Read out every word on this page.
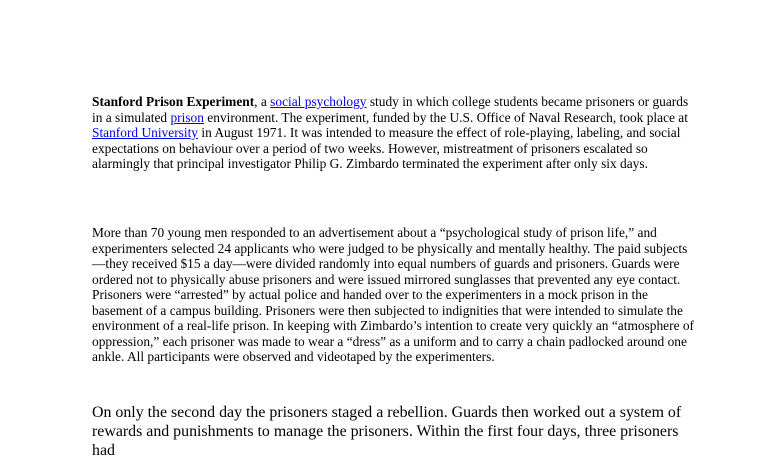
Stanford Prison Experiment, a social psychology study in which college students became prisoners or guards in a simulated prison environment. The experiment, funded by the U.S. Office of Naval Research, took place at Stanford University in August 1971. It was intended to measure the effect of role-playing, labeling, and social expectations on behaviour over a period of two weeks. However, mistreatment of prisoners escalated so alarmingly that principal investigator Philip G. Zimbardo terminated the experiment after only six days.

More than 70 young men responded to an advertisement about a “psychological study of prison life,” and experimenters selected 24 applicants who were judged to be physically and mentally healthy. The paid subjects—they received $15 a day—were divided randomly into equal numbers of guards and prisoners. Guards were ordered not to physically abuse prisoners and were issued mirrored sunglasses that prevented any eye contact. Prisoners were “arrested” by actual police and handed over to the experimenters in a mock prison in the basement of a campus building. Prisoners were then subjected to indignities that were intended to simulate the environment of a real-life prison. In keeping with Zimbardo’s intention to create very quickly an “atmosphere of oppression,” each prisoner was made to wear a “dress” as a uniform and to carry a chain padlocked around one ankle. All participants were observed and videotaped by the experimenters.

On only the second day the prisoners staged a rebellion. Guards then worked out a system of rewards and punishments to manage the prisoners. Within the first four days, three prisoners had
